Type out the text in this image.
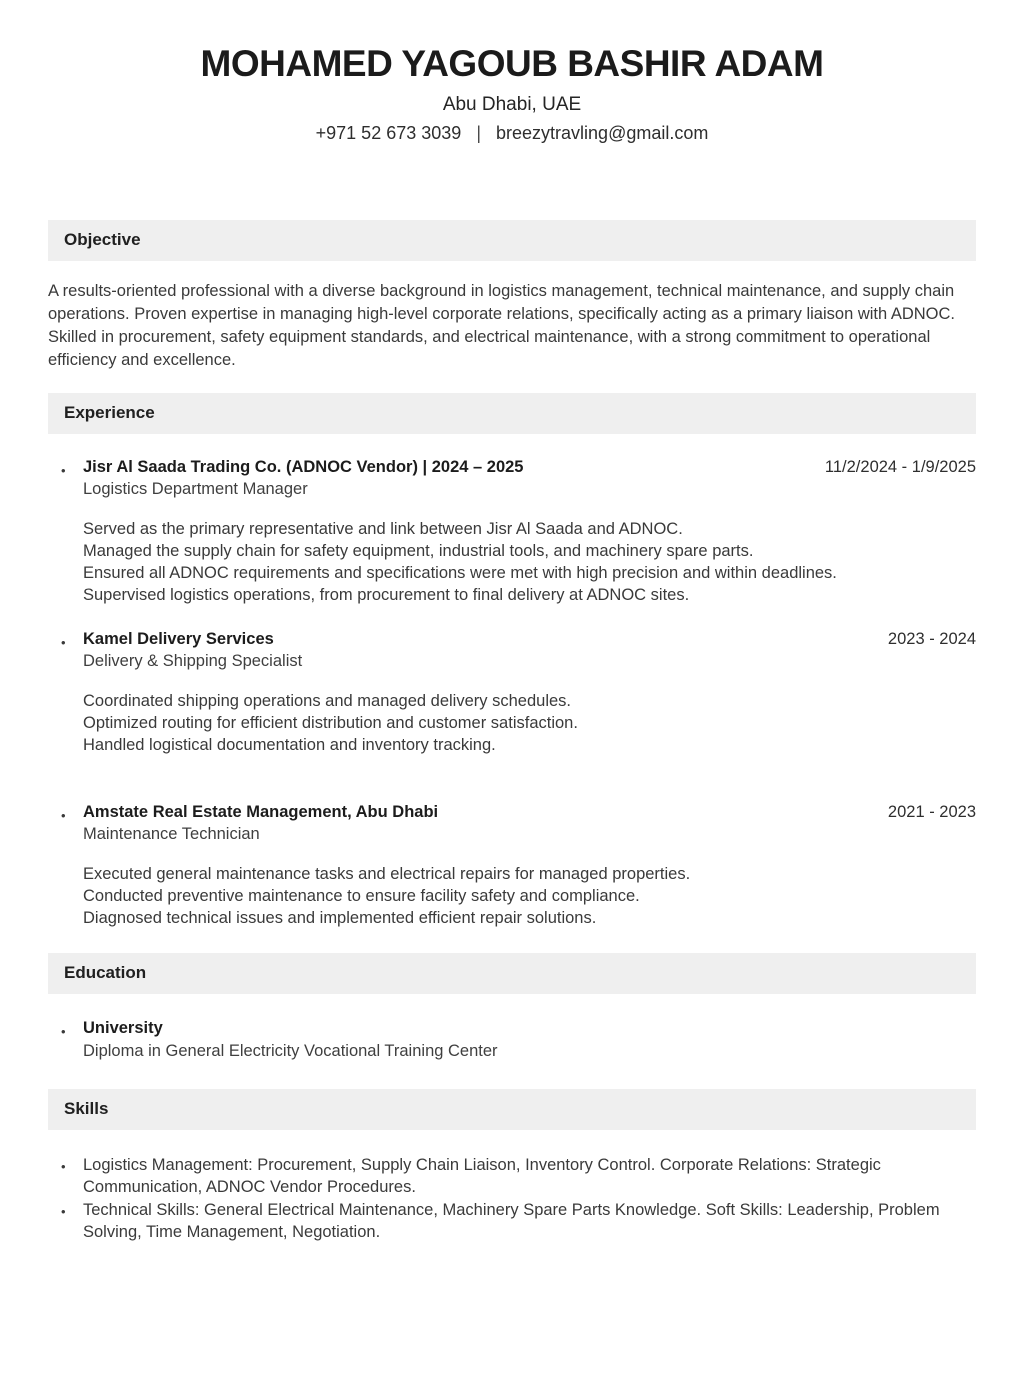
MOHAMED YAGOUB BASHIR ADAM
Abu Dhabi, UAE
+971 52 673 3039 | breezytravling@gmail.com
Objective
A results-oriented professional with a diverse background in logistics management, technical maintenance, and supply chain operations. Proven expertise in managing high-level corporate relations, specifically acting as a primary liaison with ADNOC. Skilled in procurement, safety equipment standards, and electrical maintenance, with a strong commitment to operational efficiency and excellence.
Experience
• Jisr Al Saada Trading Co. (ADNOC Vendor) | 2024 – 2025	11/2/2024 - 1/9/2025
Logistics Department Manager
Served as the primary representative and link between Jisr Al Saada and ADNOC.
Managed the supply chain for safety equipment, industrial tools, and machinery spare parts.
Ensured all ADNOC requirements and specifications were met with high precision and within deadlines.
Supervised logistics operations, from procurement to final delivery at ADNOC sites.
• Kamel Delivery Services	2023 - 2024
Delivery & Shipping Specialist
Coordinated shipping operations and managed delivery schedules.
Optimized routing for efficient distribution and customer satisfaction.
Handled logistical documentation and inventory tracking.
• Amstate Real Estate Management, Abu Dhabi	2021 - 2023
Maintenance Technician
Executed general maintenance tasks and electrical repairs for managed properties.
Conducted preventive maintenance to ensure facility safety and compliance.
Diagnosed technical issues and implemented efficient repair solutions.
Education
• University
Diploma in General Electricity Vocational Training Center
Skills
• Logistics Management: Procurement, Supply Chain Liaison, Inventory Control. Corporate Relations: Strategic Communication, ADNOC Vendor Procedures.
• Technical Skills: General Electrical Maintenance, Machinery Spare Parts Knowledge. Soft Skills: Leadership, Problem Solving, Time Management, Negotiation.
